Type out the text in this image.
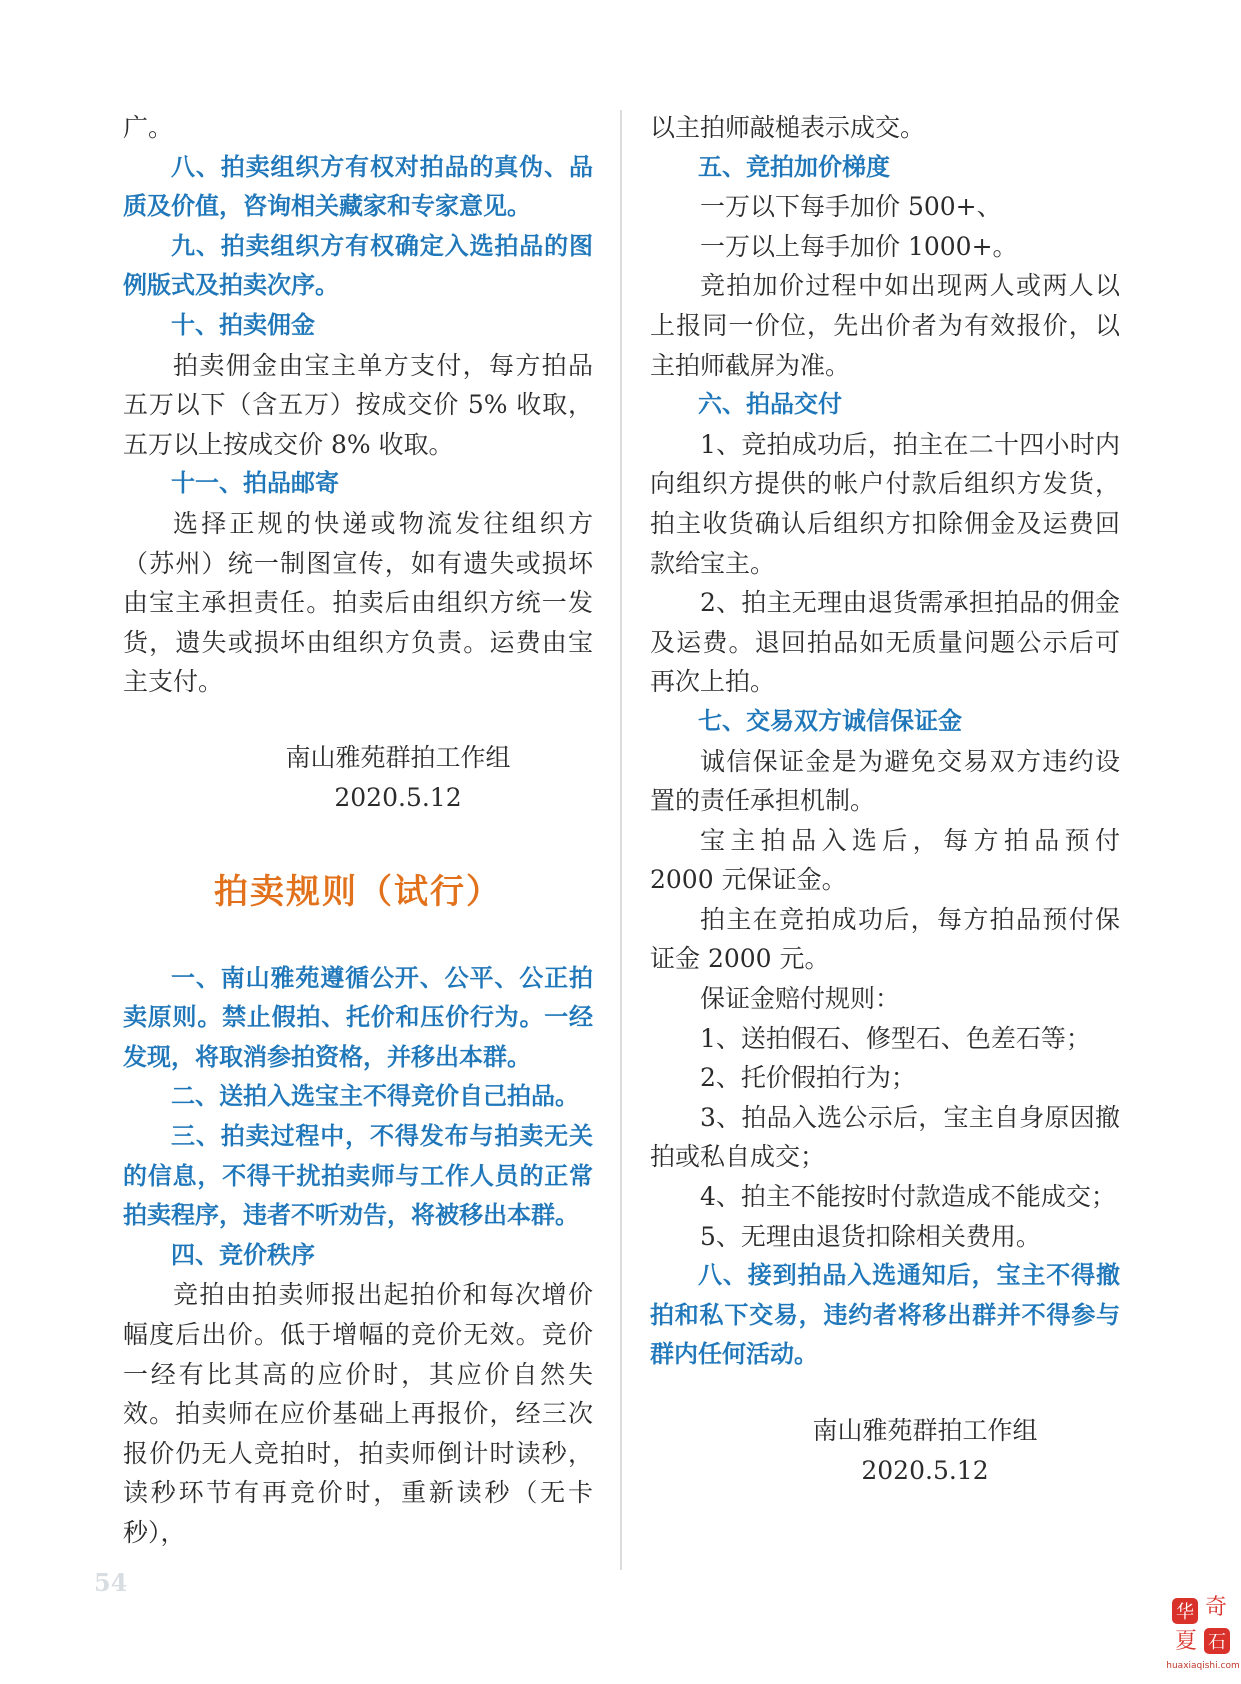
广。

八、拍卖组织方有权对拍品的真伪、品质及价值，咨询相关藏家和专家意见。

九、拍卖组织方有权确定入选拍品的图例版式及拍卖次序。

十、拍卖佣金

拍卖佣金由宝主单方支付，每方拍品五万以下（含五万）按成交价 5% 收取，五万以上按成交价 8% 收取。

十一、拍品邮寄

选择正规的快递或物流发往组织方（苏州）统一制图宣传，如有遗失或损坏由宝主承担责任。拍卖后由组织方统一发货，遗失或损坏由组织方负责。运费由宝主支付。

南山雅苑群拍工作组

2020.5.12

拍卖规则（试行）

一、南山雅苑遵循公开、公平、公正拍卖原则。禁止假拍、托价和压价行为。一经发现，将取消参拍资格，并移出本群。

二、送拍入选宝主不得竞价自己拍品。

三、拍卖过程中，不得发布与拍卖无关的信息，不得干扰拍卖师与工作人员的正常拍卖程序，违者不听劝告，将被移出本群。

四、竞价秩序

竞拍由拍卖师报出起拍价和每次增价幅度后出价。低于增幅的竞价无效。竞价一经有比其高的应价时，其应价自然失效。拍卖师在应价基础上再报价，经三次报价仍无人竞拍时，拍卖师倒计时读秒，读秒环节有再竞价时，重新读秒（无卡秒），

以主拍师敲槌表示成交。

五、竞拍加价梯度

一万以下每手加价 500+、

一万以上每手加价 1000+。

竞拍加价过程中如出现两人或两人以上报同一价位，先出价者为有效报价，以主拍师截屏为准。

六、拍品交付

1、竞拍成功后，拍主在二十四小时内向组织方提供的帐户付款后组织方发货，拍主收货确认后组织方扣除佣金及运费回款给宝主。

2、拍主无理由退货需承担拍品的佣金及运费。退回拍品如无质量问题公示后可再次上拍。

七、交易双方诚信保证金

诚信保证金是为避免交易双方违约设置的责任承担机制。

宝主拍品入选后，每方拍品预付 2000 元保证金。

拍主在竞拍成功后，每方拍品预付保证金 2000 元。

保证金赔付规则：

1、送拍假石、修型石、色差石等；

2、托价假拍行为；

3、拍品入选公示后，宝主自身原因撤拍或私自成交；

4、拍主不能按时付款造成不能成交；

5、无理由退货扣除相关费用。

八、接到拍品入选通知后，宝主不得撤拍和私下交易，违约者将移出群并不得参与群内任何活动。

南山雅苑群拍工作组

2020.5.12

54
华 奇
夏 石
huaxiaqishi.com
